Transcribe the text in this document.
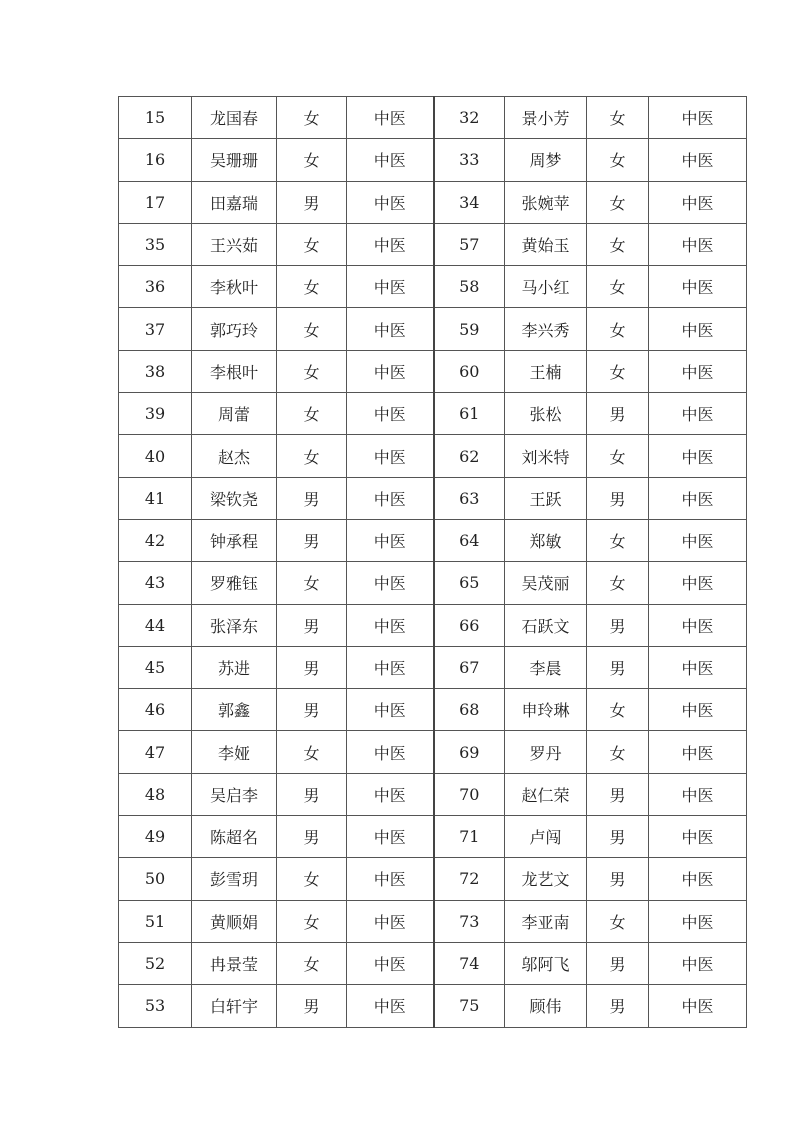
15	龙国春	女	中医	32	景小芳	女	中医
16	吴珊珊	女	中医	33	周梦	女	中医
17	田嘉瑞	男	中医	34	张婉苹	女	中医
35	王兴茹	女	中医	57	黄始玉	女	中医
36	李秋叶	女	中医	58	马小红	女	中医
37	郭巧玲	女	中医	59	李兴秀	女	中医
38	李根叶	女	中医	60	王楠	女	中医
39	周蕾	女	中医	61	张松	男	中医
40	赵杰	女	中医	62	刘米特	女	中医
41	梁钦尧	男	中医	63	王跃	男	中医
42	钟承程	男	中医	64	郑敏	女	中医
43	罗雅钰	女	中医	65	吴茂丽	女	中医
44	张泽东	男	中医	66	石跃文	男	中医
45	苏进	男	中医	67	李晨	男	中医
46	郭鑫	男	中医	68	申玲琳	女	中医
47	李娅	女	中医	69	罗丹	女	中医
48	吴启李	男	中医	70	赵仁荣	男	中医
49	陈超名	男	中医	71	卢闯	男	中医
50	彭雪玥	女	中医	72	龙艺文	男	中医
51	黄顺娟	女	中医	73	李亚南	女	中医
52	冉景莹	女	中医	74	邬阿飞	男	中医
53	白轩宇	男	中医	75	顾伟	男	中医
